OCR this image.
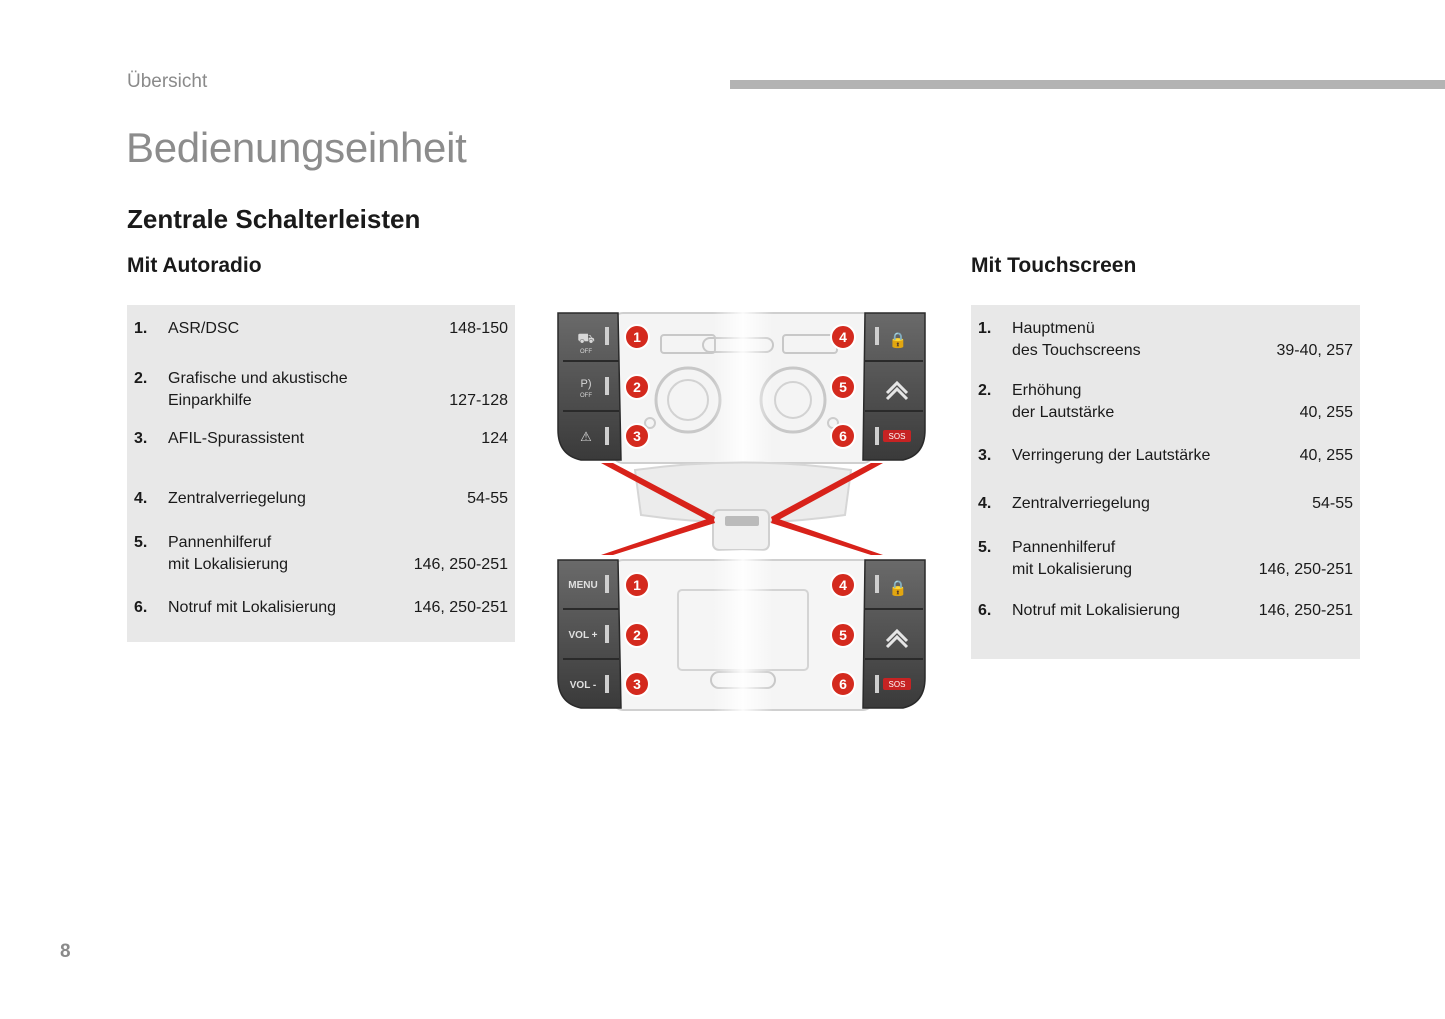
Übersicht
Bedienungseinheit
Zentrale Schalterleisten
Mit Autoradio	Mit Touchscreen
1. ASR/DSC	148-150
2. Grafische und akustische
Einparkhilfe	127-128
3. AFIL-Spurassistent	124
4. Zentralverriegelung	54-55
5. Pannenhilferuf
mit Lokalisierung	146, 250-251
6. Notruf mit Lokalisierung	146, 250-251
⛟
OFF
P)
OFF
⚠
🔒
SOS
MENU
VOL +
VOL -
🔒
SOS
1
2
3
4
5
6
1
2
3
4
5
6
1. Hauptmenü
des Touchscreens	39-40, 257
2. Erhöhung
der Lautstärke	40, 255
3. Verringerung der Lautstärke	40, 255
4. Zentralverriegelung	54-55
5. Pannenhilferuf
mit Lokalisierung	146, 250-251
6. Notruf mit Lokalisierung	146, 250-251
8
